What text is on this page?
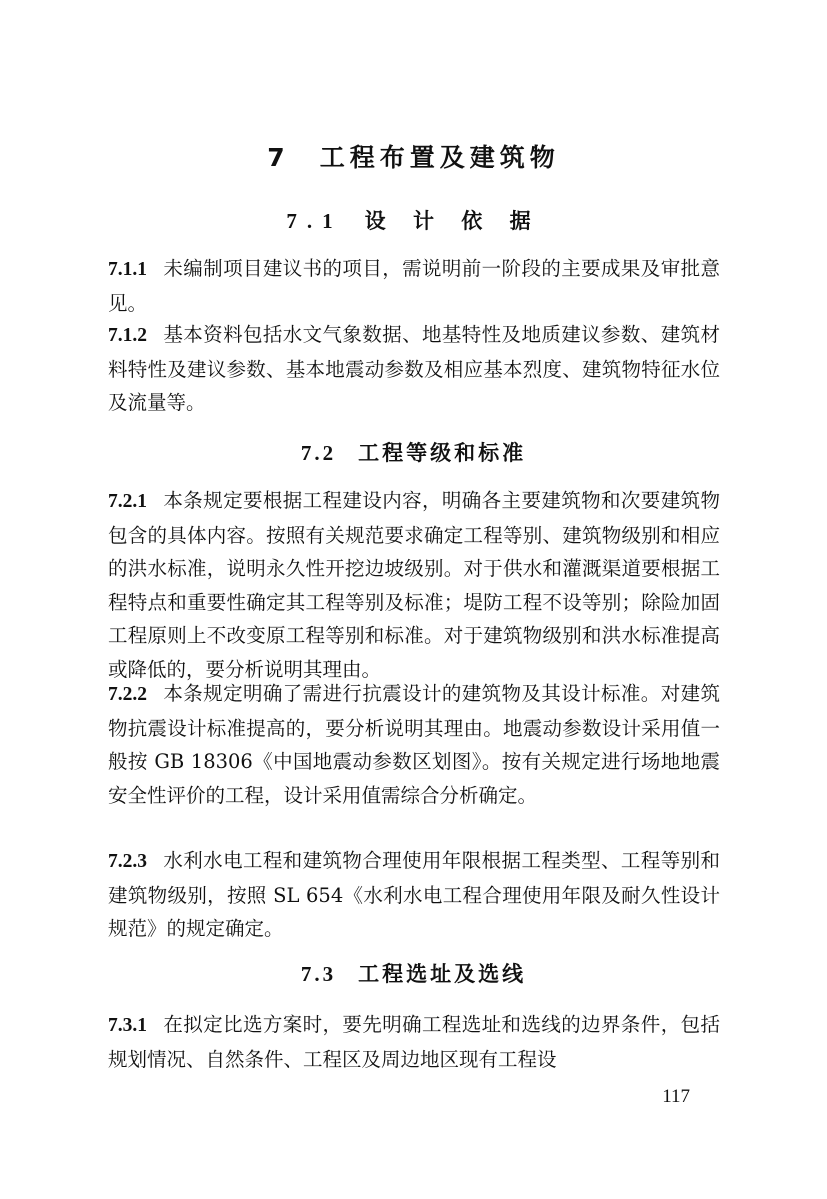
7　工程布置及建筑物
7.1 设 计 依 据

7.1.1 未编制项目建议书的项目，需说明前一阶段的主要成果及审批意见。

7.1.2 基本资料包括水文气象数据、地基特性及地质建议参数、建筑材料特性及建议参数、基本地震动参数及相应基本烈度、建筑物特征水位及流量等。

7.2 工程等级和标准

7.2.1 本条规定要根据工程建设内容，明确各主要建筑物和次要建筑物包含的具体内容。按照有关规范要求确定工程等别、建筑物级别和相应的洪水标准，说明永久性开挖边坡级别。对于供水和灌溉渠道要根据工程特点和重要性确定其工程等别及标准；堤防工程不设等别；除险加固工程原则上不改变原工程等别和标准。对于建筑物级别和洪水标准提高或降低的，要分析说明其理由。

7.2.2 本条规定明确了需进行抗震设计的建筑物及其设计标准。对建筑物抗震设计标准提高的，要分析说明其理由。地震动参数设计采用值一般按 GB 18306《中国地震动参数区划图》。按有关规定进行场地地震安全性评价的工程，设计采用值需综合分析确定。

7.2.3 水利水电工程和建筑物合理使用年限根据工程类型、工程等别和建筑物级别，按照 SL 654《水利水电工程合理使用年限及耐久性设计规范》的规定确定。

7.3 工程选址及选线

7.3.1 在拟定比选方案时，要先明确工程选址和选线的边界条件，包括规划情况、自然条件、工程区及周边地区现有工程设

117
